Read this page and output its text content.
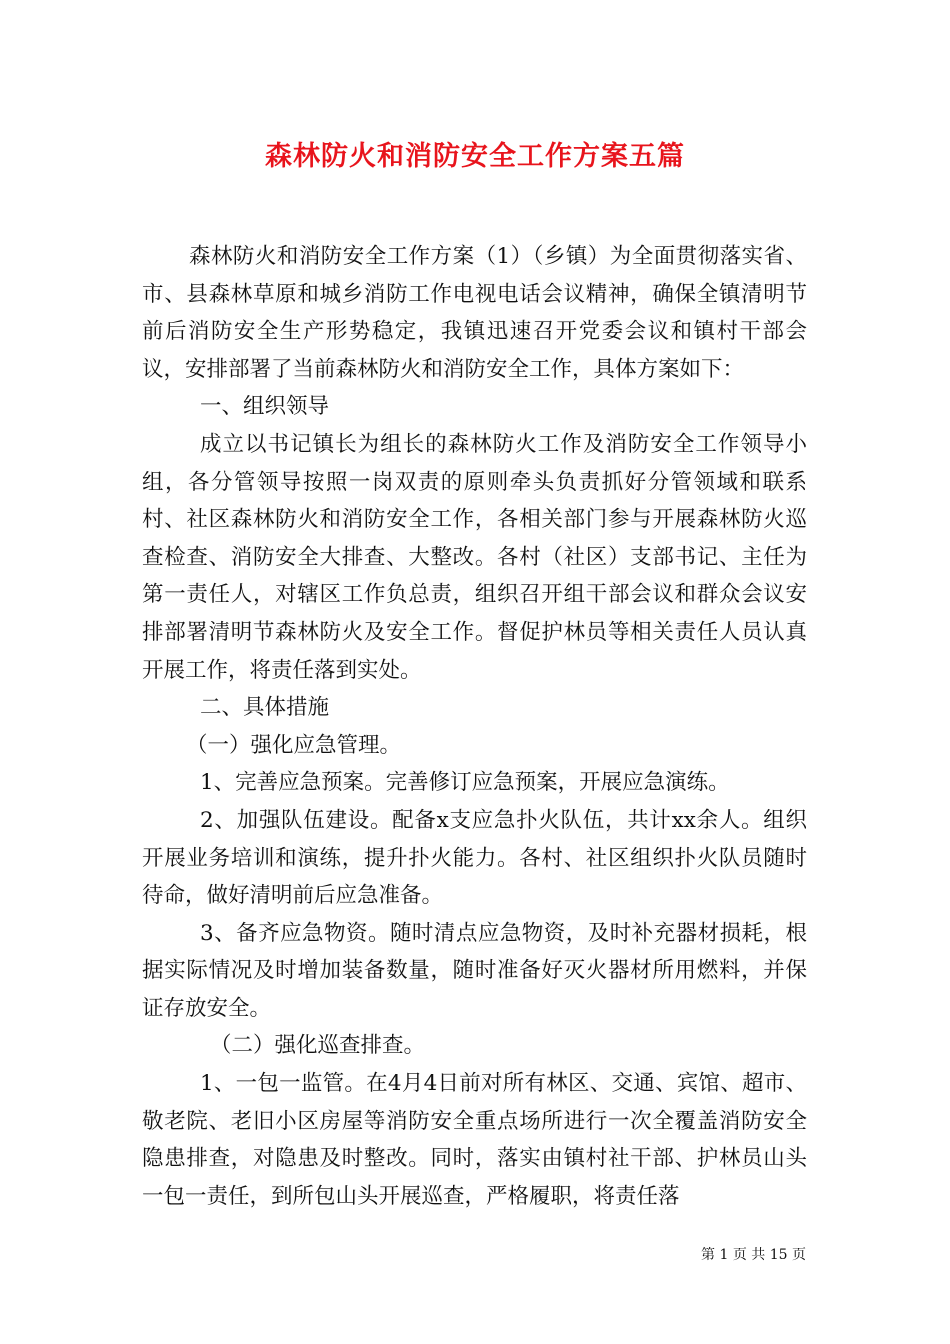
森林防火和消防安全工作方案五篇

森林防火和消防安全工作方案（1）（乡镇）为全面贯彻落实省、市、县森林草原和城乡消防工作电视电话会议精神，确保全镇清明节前后消防安全生产形势稳定，我镇迅速召开党委会议和镇村干部会议，安排部署了当前森林防火和消防安全工作，具体方案如下：

一、组织领导

成立以书记镇长为组长的森林防火工作及消防安全工作领导小组，各分管领导按照一岗双责的原则牵头负责抓好分管领域和联系村、社区森林防火和消防安全工作，各相关部门参与开展森林防火巡查检查、消防安全大排查、大整改。各村（社区）支部书记、主任为第一责任人，对辖区工作负总责，组织召开组干部会议和群众会议安排部署清明节森林防火及安全工作。督促护林员等相关责任人员认真开展工作，将责任落到实处。

二、具体措施

（一）强化应急管理。

1、完善应急预案。完善修订应急预案，开展应急演练。

2、加强队伍建设。配备x支应急扑火队伍，共计xx余人。组织开展业务培训和演练，提升扑火能力。各村、社区组织扑火队员随时待命，做好清明前后应急准备。

3、备齐应急物资。随时清点应急物资，及时补充器材损耗，根据实际情况及时增加装备数量，随时准备好灭火器材所用燃料，并保证存放安全。

（二）强化巡查排查。

1、一包一监管。在4月4日前对所有林区、交通、宾馆、超市、敬老院、老旧小区房屋等消防安全重点场所进行一次全覆盖消防安全隐患排查，对隐患及时整改。同时，落实由镇村社干部、护林员山头一包一责任，到所包山头开展巡查，严格履职，将责任落

第 1 页 共 15 页
